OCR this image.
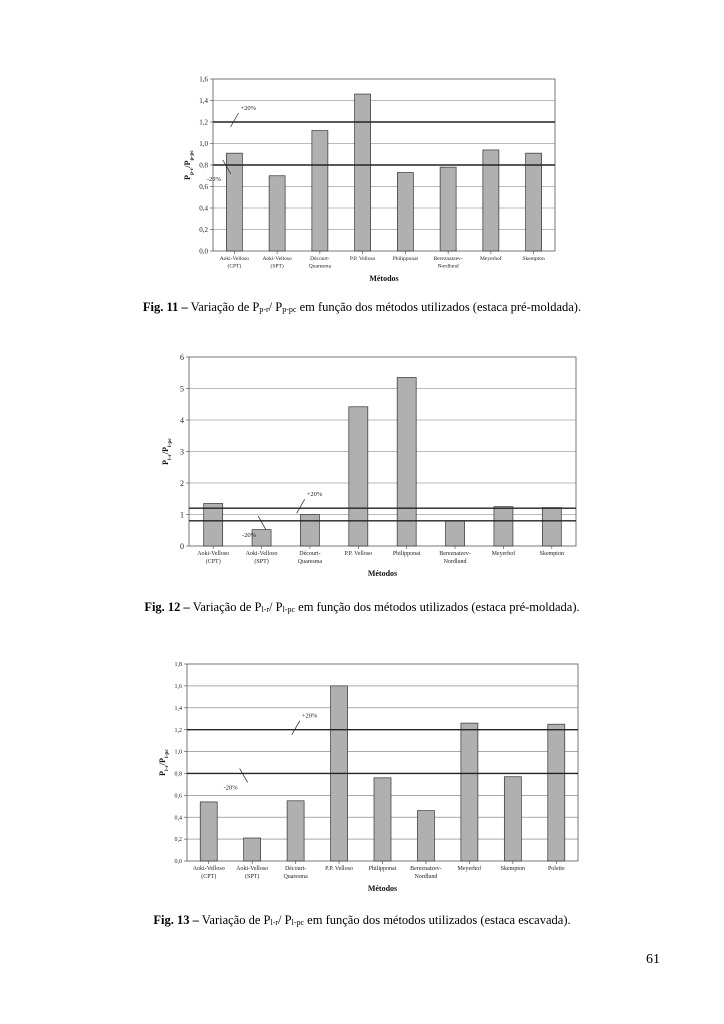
0,0
0,2
0,4
0,6
0,8
1,0
1,2
1,4
1,6
Aoki-Velloso
(CPT)
Aoki-Velloso
(SPT)
Décourt-
Quaresma
P.P. Velloso	Philipponat	Bereznatzev-
Nordlund
Meyerhof	Skempton
+20%
-20%
Métodos
$P_{p-r}/P_{p-pc}$
Fig. 11 – Variação de $P_{p-r}/$ $P_{p-pc}$ em função dos métodos utilizados (estaca pré-moldada).
0
1
2
3
4
5
6
Aoki-Velloso
(CPT)
Aoki-Velloso
(SPT)
Décourt-
Quaresma
P.P. Velloso	Philipponat	Bereznatzev-
Nordlund
Meyerhof	Skempton
+20%
-20%
Métodos
$P_{l-r}/P_{l-pc}$
Fig. 12 – Variação de $P_{l-r}/$ $P_{l-pc}$ em função dos métodos utilizados (estaca pré-moldada).
0,0
0,2
0,4
0,6
0,8
1,0
1,2
1,4
1,6
1,8
Aoki-Velloso
(CPT)
Aoki-Velloso
(SPT)
Décourt-
Quaresma
P.P. Velloso	Philipponat Bereznatzev-
Nordlund
Meyerhof	Skempton	Poleite
+20%
-20%
Métodos
$P_{l-r}/P_{l-pc}$
Fig. 13 – Variação de $P_{l-r}/$ $P_{l-pc}$ em função dos métodos utilizados (estaca escavada).
61
